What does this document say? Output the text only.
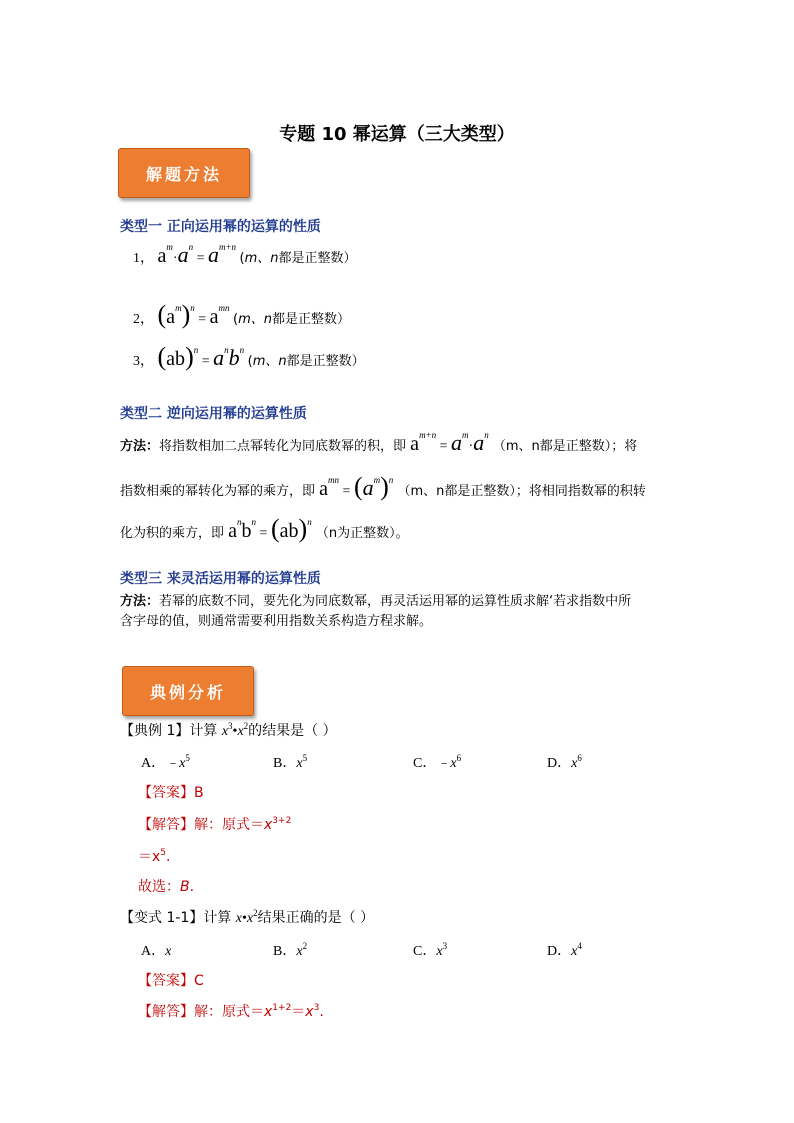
专题 10 幂运算（三大类型）
解题方法
类型一 正向运用幂的运算的性质
1， $a^m\cdot a^n = a^{m+n}$ (m、n都是正整数）
2， $(a^m)^n = a^{mn}$ (m、n都是正整数）
3， $(ab)^n = a^nb^n$ (m、n都是正整数）
类型二 逆向运用幂的运算性质
方法：将指数相加二点幂转化为同底数幂的积，即 $a^{m+n} = a^m\cdot a^n$ （m、n都是正整数）；将
指数相乘的幂转化为幂的乘方，即 $a^{mn} = (a^m)^n$ （m、n都是正整数）；将相同指数幂的积转
化为积的乘方，即 $a^nb^n = (ab)^n$ （n为正整数）。
类型三 来灵活运用幂的运算性质
方法：若幂的底数不同，要先化为同底数幂，再灵活运用幂的运算性质求解‘若求指数中所
含字母的值，则通常需要利用指数关系构造方程求解。
典例分析
【典例 1】计算 $x^3•x^2$的结果是（ ）
A．$﹣x^5$	B．$x^5$	C．$﹣x^6$	D．$x^6$
【答案】B
【解答】解：原式$=x^{3+2}$
$=x^5$.
故选：B.
【变式 1-1】计算 $x•x^2$结果正确的是（ ）
A．x	B．$x^2$	C．$x^3$	D．$x^4$
【答案】C
【解答】解：原式$=x^{1+2}=x^3$.
